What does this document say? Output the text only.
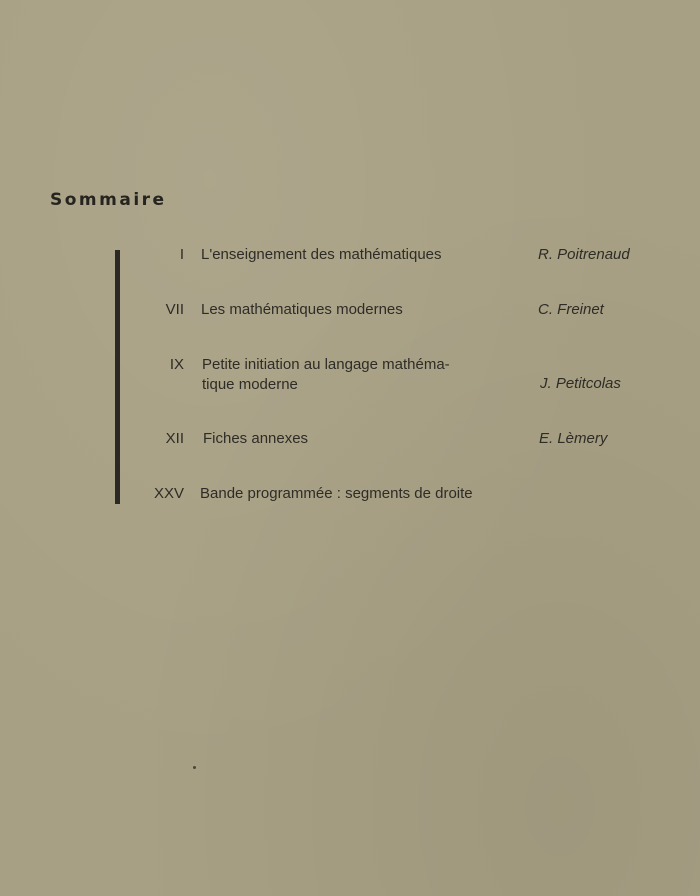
Sommaire
I L'enseignement des mathématiques	R. Poitrenaud
VII Les mathématiques modernes	C. Freinet
IX Petite initiation au langage mathéma-
tique moderne	J. Petitcolas
XII Fiches annexes	E. Lèmery
XXV Bande programmée : segments de droite
